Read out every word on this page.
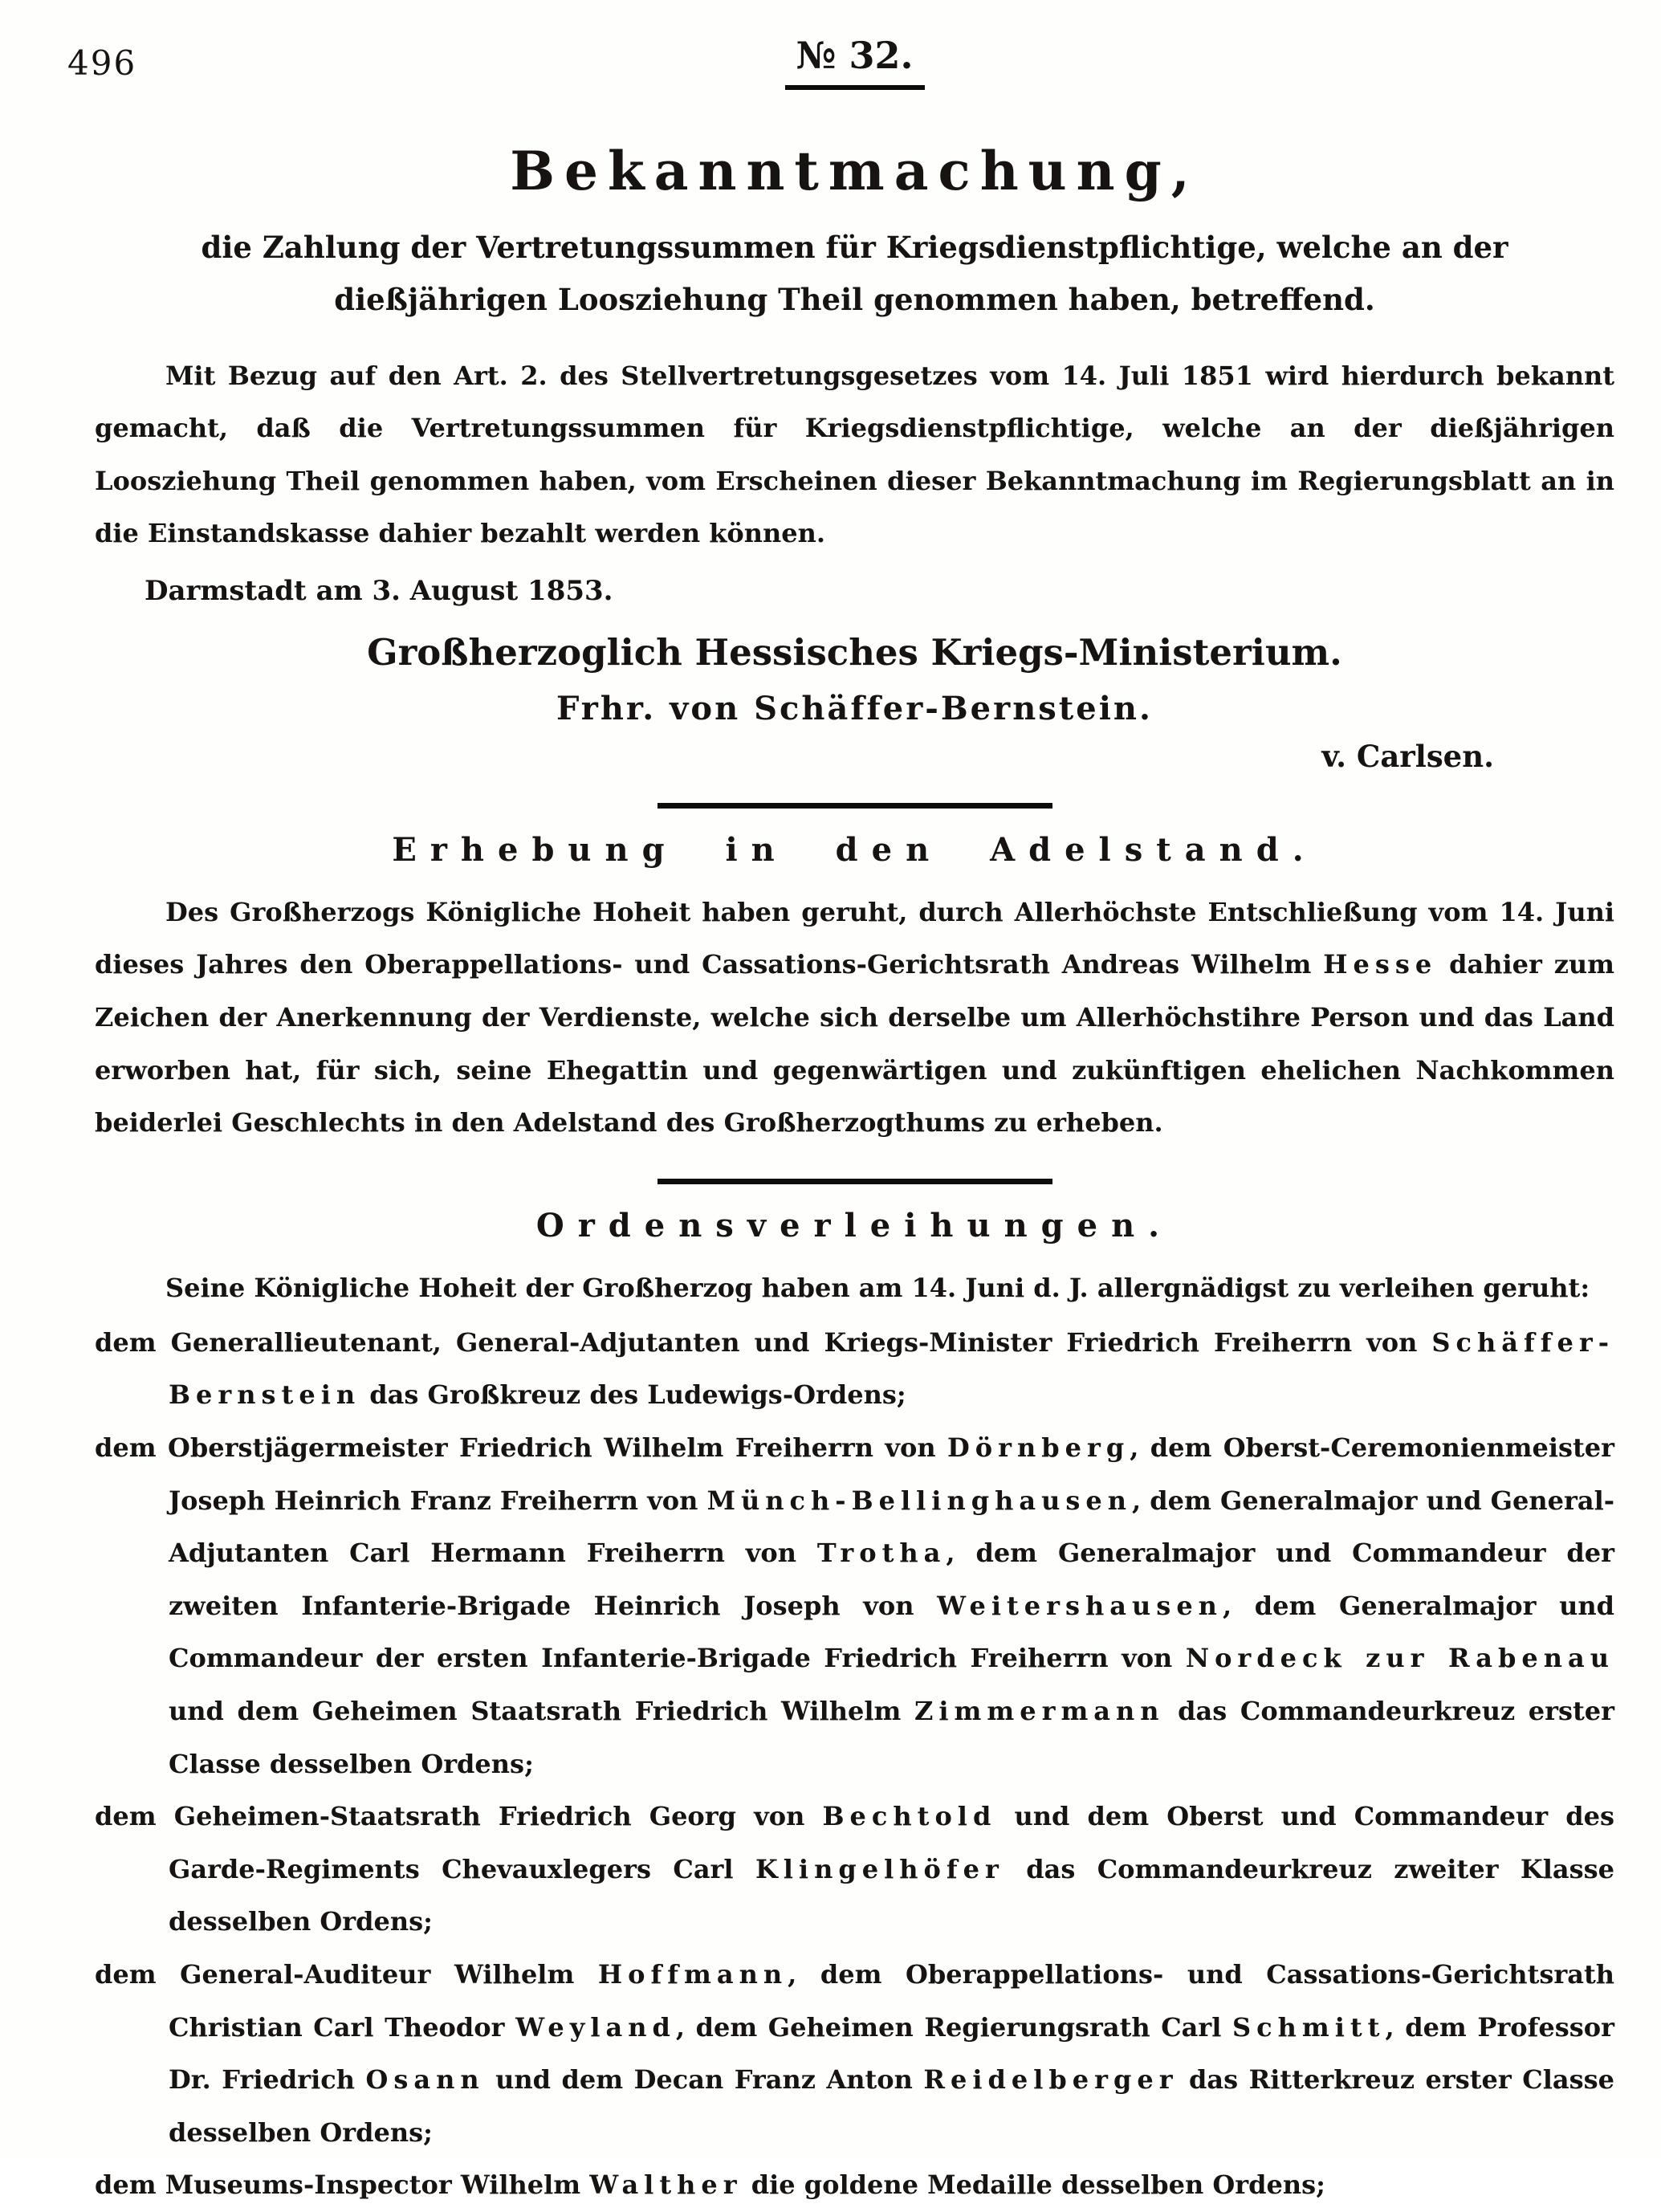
496	№ 32.
Bekanntmachung,

die Zahlung der Vertretungssummen für Kriegsdienstpflichtige, welche an der dießjährigen Loosziehung Theil genommen haben, betreffend.

Mit Bezug auf den Art. 2. des Stellvertretungsgesetzes vom 14. Juli 1851 wird hierdurch bekannt gemacht, daß die Vertretungssummen für Kriegsdienstpflichtige, welche an der dießjährigen Loosziehung Theil genommen haben, vom Erscheinen dieser Bekanntmachung im Regierungsblatt an in die Einstandskasse dahier bezahlt werden können.

Darmstadt am 3. August 1853.

Großherzoglich Hessisches Kriegs-Ministerium.

Frhr. von Schäffer-Bernstein.

v. Carlsen.

Erhebung in den Adelstand.

Des Großherzogs Königliche Hoheit haben geruht, durch Allerhöchste Entschließung vom 14. Juni dieses Jahres den Oberappellations- und Cassations-Gerichtsrath Andreas Wilhelm Hesse dahier zum Zeichen der Anerkennung der Verdienste, welche sich derselbe um Allerhöchstihre Person und das Land erworben hat, für sich, seine Ehegattin und gegenwärtigen und zukünftigen ehelichen Nachkommen beiderlei Geschlechts in den Adelstand des Großherzogthums zu erheben.

Ordensverleihungen.

Seine Königliche Hoheit der Großherzog haben am 14. Juni d. J. allergnädigst zu verleihen geruht:

dem Generallieutenant, General-Adjutanten und Kriegs-Minister Friedrich Freiherrn von Schäffer-Bernstein das Großkreuz des Ludewigs-Ordens;

dem Oberstjägermeister Friedrich Wilhelm Freiherrn von Dörnberg, dem Oberst-Ceremonienmeister Joseph Heinrich Franz Freiherrn von Münch-Bellinghausen, dem Generalmajor und General-Adjutanten Carl Hermann Freiherrn von Trotha, dem Generalmajor und Commandeur der zweiten Infanterie-Brigade Heinrich Joseph von Weitershausen, dem Generalmajor und Commandeur der ersten Infanterie-Brigade Friedrich Freiherrn von Nordeck zur Rabenau und dem Geheimen Staatsrath Friedrich Wilhelm Zimmermann das Commandeurkreuz erster Classe desselben Ordens;

dem Geheimen-Staatsrath Friedrich Georg von Bechtold und dem Oberst und Commandeur des Garde-Regiments Chevauxlegers Carl Klingelhöfer das Commandeurkreuz zweiter Klasse desselben Ordens;

dem General-Auditeur Wilhelm Hoffmann, dem Oberappellations- und Cassations-Gerichtsrath Christian Carl Theodor Weyland, dem Geheimen Regierungsrath Carl Schmitt, dem Professor Dr. Friedrich Osann und dem Decan Franz Anton Reidelberger das Ritterkreuz erster Classe desselben Ordens;

dem Museums-Inspector Wilhelm Walther die goldene Medaille desselben Ordens;
